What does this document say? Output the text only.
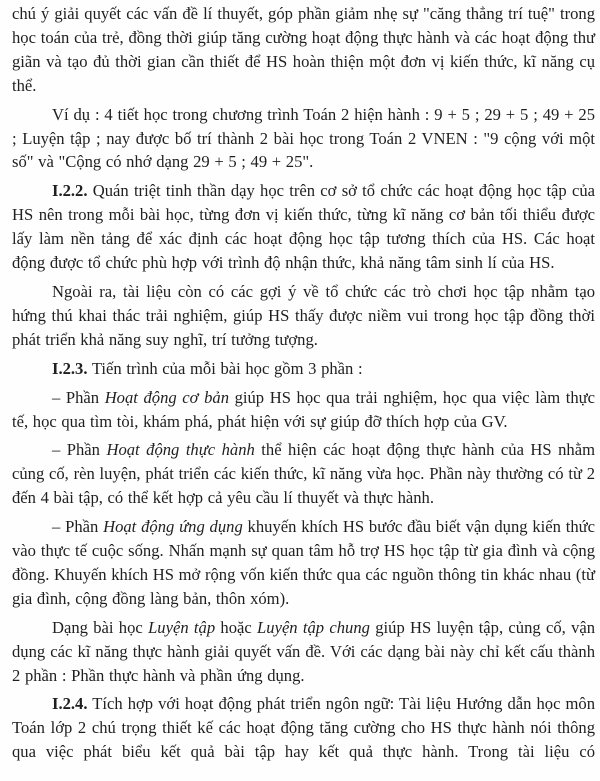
chú ý giải quyết các vấn đề lí thuyết, góp phần giảm nhẹ sự "căng thẳng trí tuệ" trong học toán của trẻ, đồng thời giúp tăng cường hoạt động thực hành và các hoạt động thư giãn và tạo đủ thời gian cần thiết để HS hoàn thiện một đơn vị kiến thức, kĩ năng cụ thể.

Ví dụ : 4 tiết học trong chương trình Toán 2 hiện hành : 9 + 5 ; 29 + 5 ; 49 + 25 ; Luyện tập ; nay được bố trí thành 2 bài học trong Toán 2 VNEN : "9 cộng với một số" và "Cộng có nhớ dạng 29 + 5 ; 49 + 25".

I.2.2. Quán triệt tinh thần dạy học trên cơ sở tổ chức các hoạt động học tập của HS nên trong mỗi bài học, từng đơn vị kiến thức, từng kĩ năng cơ bản tối thiểu được lấy làm nền tảng để xác định các hoạt động học tập tương thích của HS. Các hoạt động được tổ chức phù hợp với trình độ nhận thức, khả năng tâm sinh lí của HS.

Ngoài ra, tài liệu còn có các gợi ý về tổ chức các trò chơi học tập nhằm tạo hứng thú khai thác trải nghiệm, giúp HS thấy được niềm vui trong học tập đồng thời phát triển khả năng suy nghĩ, trí tưởng tượng.

I.2.3. Tiến trình của mỗi bài học gồm 3 phần :

– Phần Hoạt động cơ bản giúp HS học qua trải nghiệm, học qua việc làm thực tế, học qua tìm tòi, khám phá, phát hiện với sự giúp đỡ thích hợp của GV.

– Phần Hoạt động thực hành thể hiện các hoạt động thực hành của HS nhằm củng cố, rèn luyện, phát triển các kiến thức, kĩ năng vừa học. Phần này thường có từ 2 đến 4 bài tập, có thể kết hợp cả yêu cầu lí thuyết và thực hành.

– Phần Hoạt động ứng dụng khuyến khích HS bước đầu biết vận dụng kiến thức vào thực tế cuộc sống. Nhấn mạnh sự quan tâm hỗ trợ HS học tập từ gia đình và cộng đồng. Khuyến khích HS mở rộng vốn kiến thức qua các nguồn thông tin khác nhau (từ gia đình, cộng đồng làng bản, thôn xóm).

Dạng bài học Luyện tập hoặc Luyện tập chung giúp HS luyện tập, củng cố, vận dụng các kĩ năng thực hành giải quyết vấn đề. Với các dạng bài này chỉ kết cấu thành 2 phần : Phần thực hành và phần ứng dụng.

I.2.4. Tích hợp với hoạt động phát triển ngôn ngữ: Tài liệu Hướng dẫn học môn Toán lớp 2 chú trọng thiết kế các hoạt động tăng cường cho HS thực hành nói thông qua việc phát biểu kết quả bài tập hay kết quả thực hành. Trong tài liệu có
